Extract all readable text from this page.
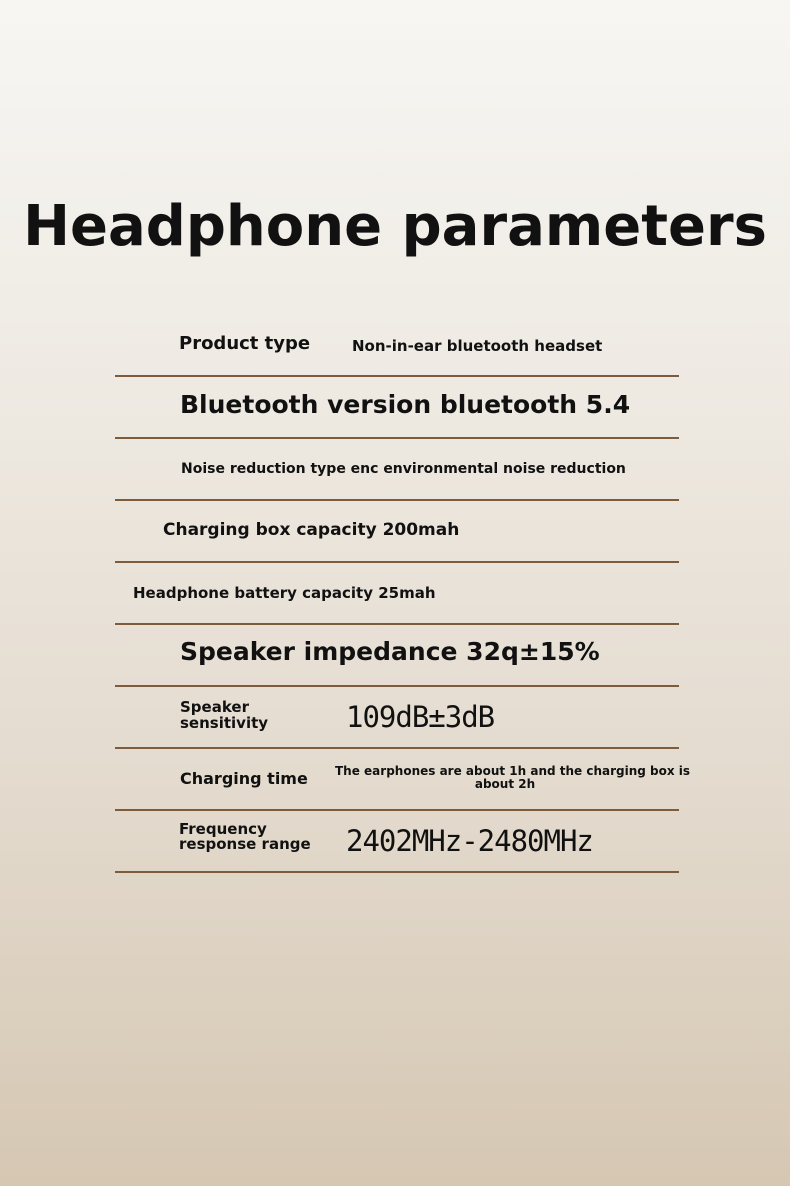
Headphone parameters
Product type	Non-in-ear bluetooth headset
Bluetooth version bluetooth 5.4
Noise reduction type enc environmental noise reduction
Charging box capacity 200mah
Headphone battery capacity 25mah
Speaker impedance 32q±15%
Speaker
sensitivity	109dB±3dB
Charging time The earphones are about 1h and the charging box is
about 2h
Frequency
response range 2402MHz-2480MHz
